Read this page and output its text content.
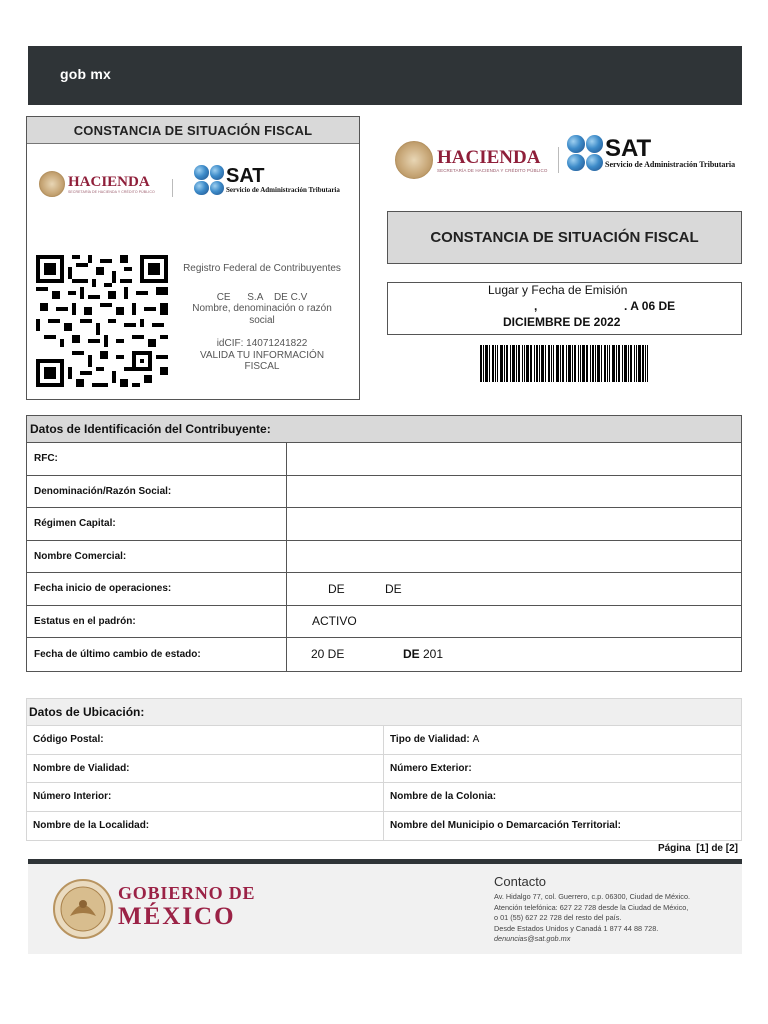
gob mx
CONSTANCIA DE SITUACIÓN FISCAL
HACIENDA
SECRETARÍA DE HACIENDA Y CRÉDITO PÚBLICO
SAT
Servicio de Administración Tributaria
Registro Federal de Contribuyentes
CE      S.A    DE C.V
Nombre, denominación o razón social
idCIF: 14071241822
VALIDA TU INFORMACIÓN FISCAL
HACIENDA
SECRETARÍA DE HACIENDA Y CRÉDITO PÚBLICO
SAT
Servicio de Administración Tributaria
CONSTANCIA DE SITUACIÓN FISCAL
Lugar y Fecha de Emisión
,	. A 06 DE
DICIEMBRE DE 2022
Datos de Identificación del Contribuyente:
RFC:
Denominación/Razón Social:
Régimen Capital:
Nombre Comercial:
Fecha inicio de operaciones:	DE	DE
Estatus en el padrón:	ACTIVO
Fecha de último cambio de estado:	20 DE	DE 201
Datos de Ubicación:
Código Postal:	Tipo de Vialidad: A
Nombre de Vialidad:	Número Exterior:
Número Interior:	Nombre de la Colonia:
Nombre de la Localidad:	Nombre del Municipio o Demarcación Territorial:
Página [1] de [2]
GOBIERNO DE
MÉXICO
Contacto
Av. Hidalgo 77, col. Guerrero, c.p. 06300, Ciudad de México.
Atención telefónica: 627 22 728 desde la Ciudad de México,
o 01 (55) 627 22 728 del resto del país.
Desde Estados Unidos y Canadá 1 877 44 88 728.
denuncias@sat.gob.mx
